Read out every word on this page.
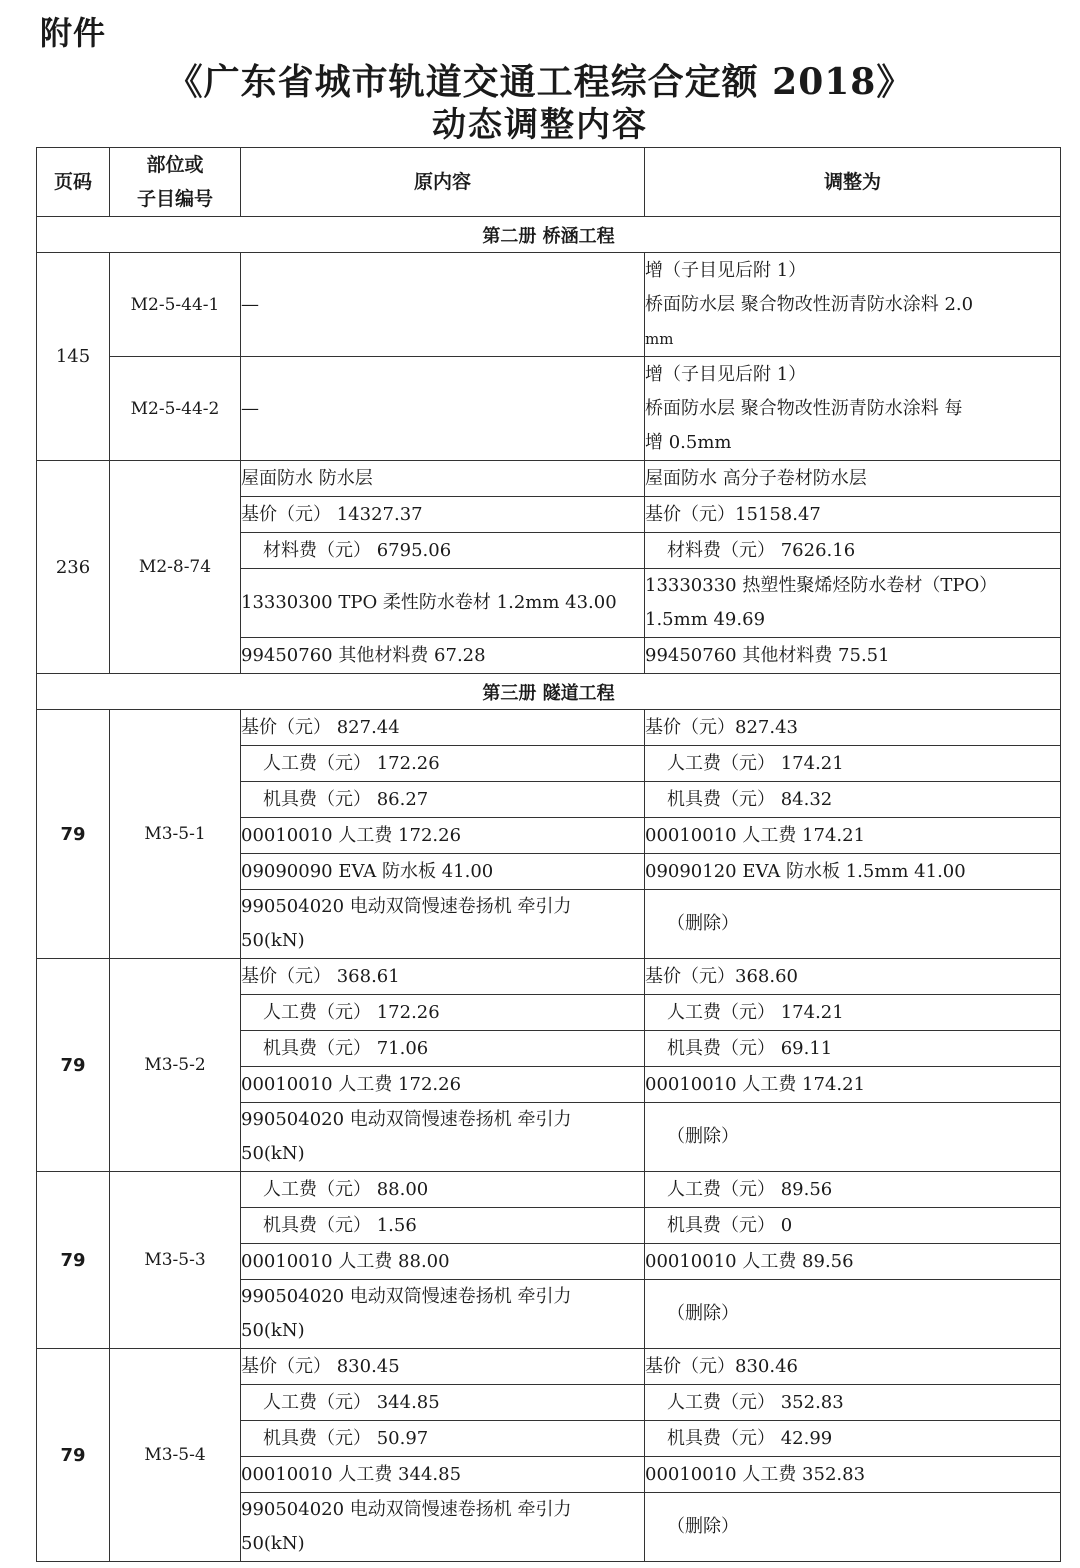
附件
《广东省城市轨道交通工程综合定额 2018》
动态调整内容
页码	部位或
子目编号	原内容	调整为
第二册 桥涵工程			
145	M2-5-44-1	—	增（子目见后附 1）
桥面防水层 聚合物改性沥青防水涂料 2.0
mm

	M2-5-44-2	—	增（子目见后附 1）
桥面防水层 聚合物改性沥青防水涂料 每
增 0.5mm

236	M2-8-74	屋面防水 防水层	屋面防水 高分子卷材防水层
		基价（元） 14327.37	基价（元）15158.47
		材料费（元） 6795.06	材料费（元） 7626.16
		13330300 TPO 柔性防水卷材 1.2mm 43.00	13330330 热塑性聚烯烃防水卷材（TPO）
1.5mm 49.69

		99450760 其他材料费 67.28	99450760 其他材料费 75.51
第三册 隧道工程			
79	M3-5-1	基价（元） 827.44	基价（元）827.43
		人工费（元） 172.26	人工费（元） 174.21
		机具费（元） 86.27	机具费（元） 84.32
		00010010 人工费 172.26	00010010 人工费 174.21
		09090090 EVA 防水板 41.00	09090120 EVA 防水板 1.5mm 41.00

		990504020 电动双筒慢速卷扬机 牵引力
50(kN)	（删除）
79	M3-5-2	基价（元） 368.61	基价（元）368.60
		人工费（元） 172.26	人工费（元） 174.21
		机具费（元） 71.06	机具费（元） 69.11
		00010010 人工费 172.26	00010010 人工费 174.21

		990504020 电动双筒慢速卷扬机 牵引力
50(kN)	（删除）
79	M3-5-3	人工费（元） 88.00	人工费（元） 89.56
		机具费（元） 1.56	机具费（元） 0
		00010010 人工费 88.00	00010010 人工费 89.56

		990504020 电动双筒慢速卷扬机 牵引力
50(kN)	（删除）
79	M3-5-4	基价（元） 830.45	基价（元）830.46
		人工费（元） 344.85	人工费（元） 352.83
		机具费（元） 50.97	机具费（元） 42.99
		00010010 人工费 344.85	00010010 人工费 352.83

		990504020 电动双筒慢速卷扬机 牵引力
50(kN)	（删除）
